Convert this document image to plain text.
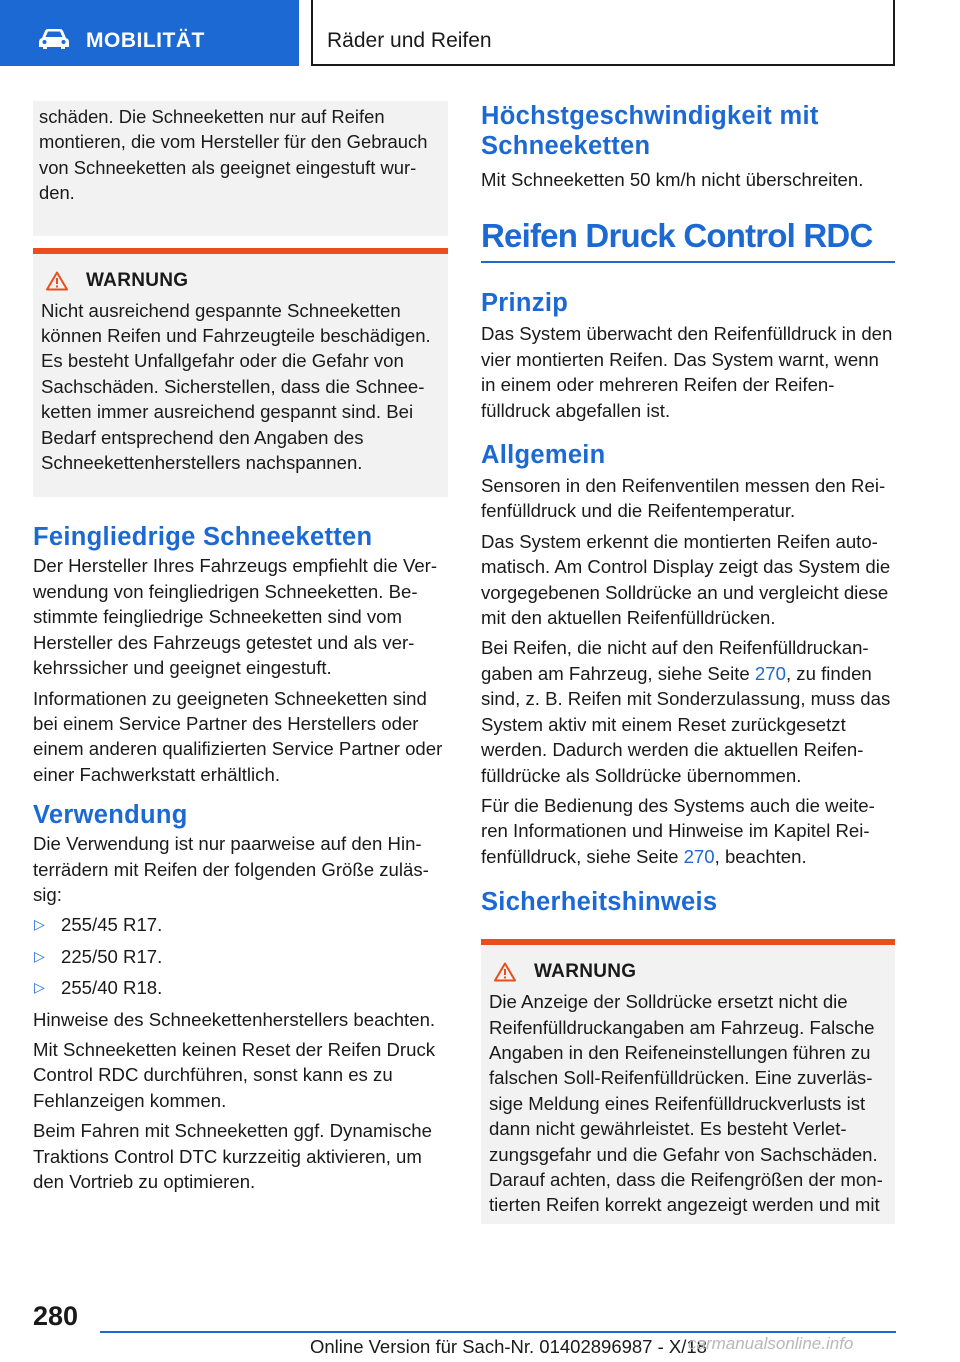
MOBILITÄT	Räder und Reifen

schäden. Die Schneeketten nur auf Reifen montieren, die vom Hersteller für den Gebrauch von Schneeketten als geeignet eingestuft wur‐den.

WARNUNG

Nicht ausreichend gespannte Schneeketten können Reifen und Fahrzeugteile beschädigen. Es besteht Unfallgefahr oder die Gefahr von Sachschäden. Sicherstellen, dass die Schnee‐ketten immer ausreichend gespannt sind. Bei Bedarf entsprechend den Angaben des Schneekettenherstellers nachspannen.

Feingliedrige Schneeketten

Der Hersteller Ihres Fahrzeugs empfiehlt die Ver‐wendung von feingliedrigen Schneeketten. Be‐stimmte feingliedrige Schneeketten sind vom Hersteller des Fahrzeugs getestet und als ver‐kehrssicher und geeignet eingestuft.

Informationen zu geeigneten Schneeketten sind bei einem Service Partner des Herstellers oder einem anderen qualifizierten Service Partner oder einer Fachwerkstatt erhältlich.

Verwendung

Die Verwendung ist nur paarweise auf den Hin‐terrädern mit Reifen der folgenden Größe zuläs‐sig:

▷ 255/45 R17.
▷ 225/50 R17.
▷ 255/40 R18.

Hinweise des Schneekettenherstellers beachten.

Mit Schneeketten keinen Reset der Reifen Druck Control RDC durchführen, sonst kann es zu Fehlanzeigen kommen.

Beim Fahren mit Schneeketten ggf. Dynamische Traktions Control DTC kurzzeitig aktivieren, um den Vortrieb zu optimieren.

Höchstgeschwindigkeit mit Schneeketten

Mit Schneeketten 50 km/h nicht überschreiten.

Reifen Druck Control RDC
Prinzip

Das System überwacht den Reifenfülldruck in den vier montierten Reifen. Das System warnt, wenn in einem oder mehreren Reifen der Reifen‐fülldruck abgefallen ist.

Allgemein

Sensoren in den Reifenventilen messen den Rei‐fenfülldruck und die Reifentemperatur.

Das System erkennt die montierten Reifen auto‐matisch. Am Control Display zeigt das System die vorgegebenen Solldrücke an und vergleicht diese mit den aktuellen Reifenfülldrücken.

Bei Reifen, die nicht auf den Reifenfülldruckan‐gaben am Fahrzeug, siehe Seite 270, zu finden sind, z. B. Reifen mit Sonderzulassung, muss das System aktiv mit einem Reset zurückgesetzt werden. Dadurch werden die aktuellen Reifen‐fülldrücke als Solldrücke übernommen.

Für die Bedienung des Systems auch die weite‐ren Informationen und Hinweise im Kapitel Rei‐fenfülldruck, siehe Seite 270, beachten.

Sicherheitshinweis
WARNUNG

Die Anzeige der Solldrücke ersetzt nicht die Reifenfülldruckangaben am Fahrzeug. Falsche Angaben in den Reifeneinstellungen führen zu falschen Soll-Reifenfülldrücken. Eine zuverläs‐sige Meldung eines Reifenfülldruckverlusts ist dann nicht gewährleistet. Es besteht Verlet‐zungsgefahr und die Gefahr von Sachschäden. Darauf achten, dass die Reifengrößen der mon‐tierten Reifen korrekt angezeigt werden und mit

280
Online Version für Sach-Nr. 01402896987 - X/18
carmanualsonline.info
